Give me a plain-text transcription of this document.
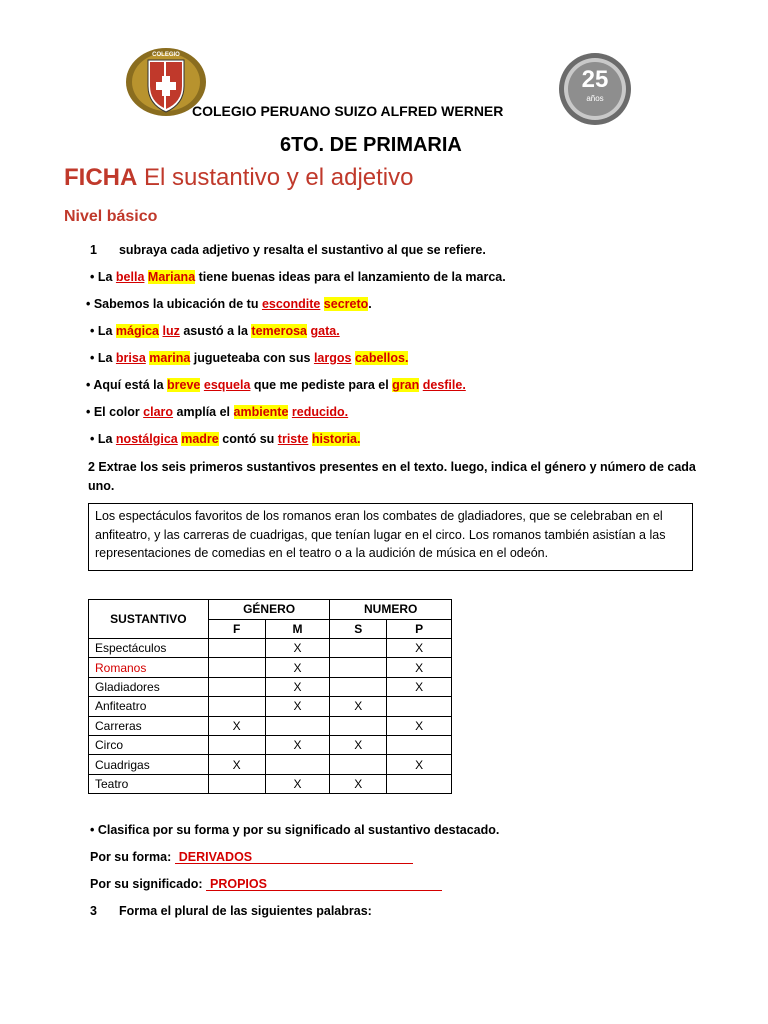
COLEGIO
25
años
COLEGIO PERUANO SUIZO ALFRED WERNER
6TO. DE PRIMARIA
FICHA El sustantivo y el adjetivo
Nivel básico
1 subraya cada adjetivo y resalta el sustantivo al que se refiere.
• La bella Mariana tiene buenas ideas para el lanzamiento de la marca.
• Sabemos la ubicación de tu escondite secreto.
• La mágica luz asustó a la temerosa gata.
• La brisa marina jugueteaba con sus largos cabellos.
• Aquí está la breve esquela que me pediste para el gran desfile.
• El color claro amplía el ambiente reducido.
• La nostálgica madre contó su triste historia.
2 Extrae los seis primeros sustantivos presentes en el texto. luego, indica el género y número de cada
uno.
Los espectáculos favoritos de los romanos eran los combates de gladiadores, que se celebraban en el
anfiteatro, y las carreras de cuadrigas, que tenían lugar en el circo. Los romanos también asistían a las
representaciones de comedias en el teatro o a la audición de música en el odeón.
SUSTANTIVO	GÉNERO		NUMERO	
	F	M	S	P
Espectáculos		X		X
Romanos		X		X
Gladiadores		X		X
Anfiteatro		X	X	
Carreras	X			X
Circo		X	X	
Cuadrigas	X			X
Teatro		X	X	
• Clasifica por su forma y por su significado al sustantivo destacado.
Por su forma: DERIVADOS
Por su significado: PROPIOS
3 Forma el plural de las siguientes palabras:
